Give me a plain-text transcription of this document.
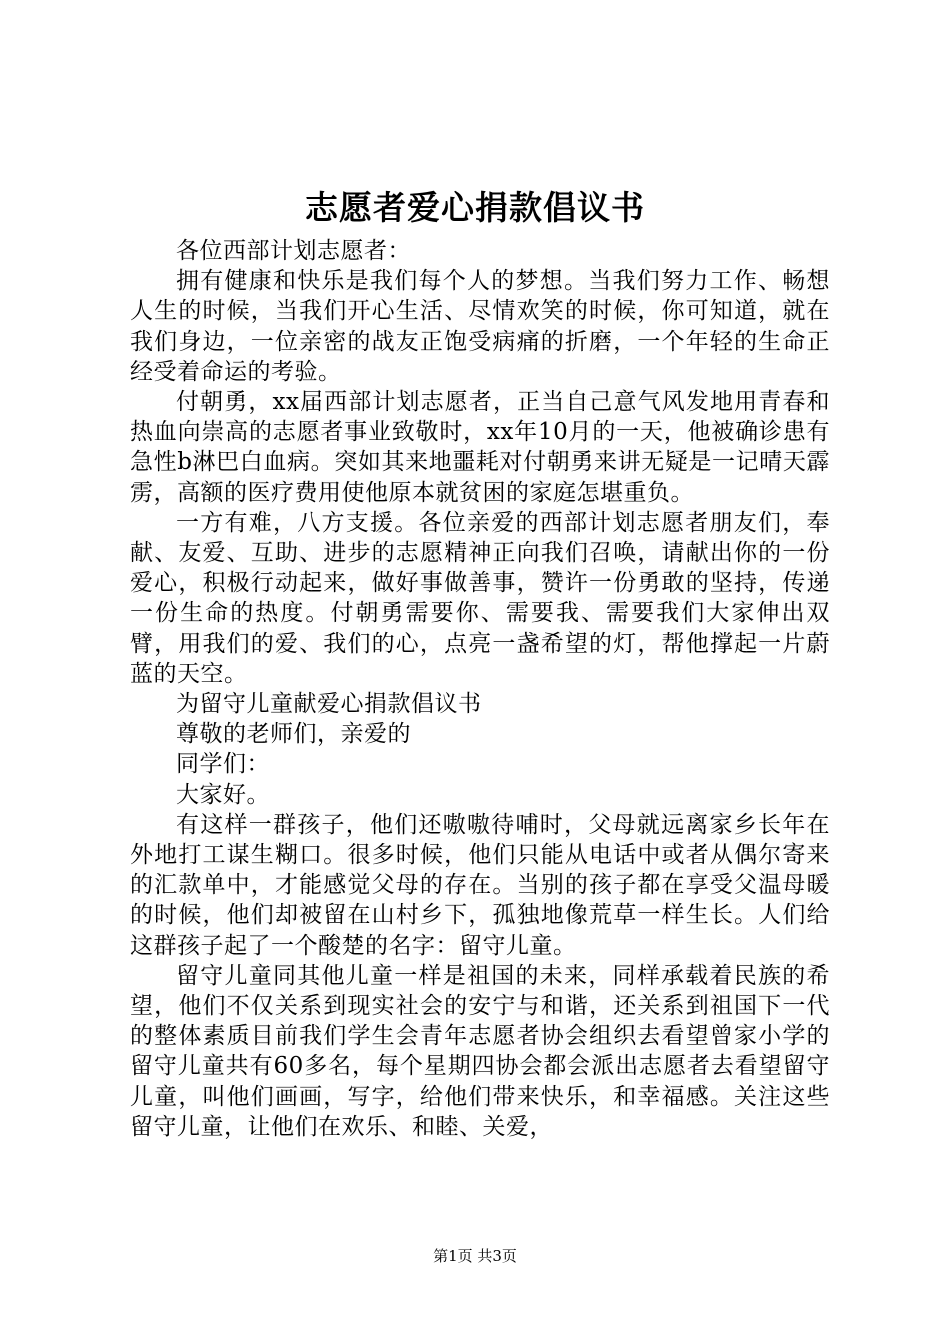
志愿者爱心捐款倡议书

各位西部计划志愿者：

拥有健康和快乐是我们每个人的梦想。当我们努力工作、畅想人生的时候，当我们开心生活、尽情欢笑的时候，你可知道，就在我们身边，一位亲密的战友正饱受病痛的折磨，一个年轻的生命正经受着命运的考验。

付朝勇，xx届西部计划志愿者，正当自己意气风发地用青春和热血向崇高的志愿者事业致敬时，xx年10月的一天，他被确诊患有急性b淋巴白血病。突如其来地噩耗对付朝勇来讲无疑是一记晴天霹雳，高额的医疗费用使他原本就贫困的家庭怎堪重负。

一方有难，八方支援。各位亲爱的西部计划志愿者朋友们，奉献、友爱、互助、进步的志愿精神正向我们召唤，请献出你的一份爱心，积极行动起来，做好事做善事，赞许一份勇敢的坚持，传递一份生命的热度。付朝勇需要你、需要我、需要我们大家伸出双臂，用我们的爱、我们的心，点亮一盏希望的灯，帮他撑起一片蔚蓝的天空。

为留守儿童献爱心捐款倡议书

尊敬的老师们，亲爱的

同学们：

大家好。

有这样一群孩子，他们还嗷嗷待哺时，父母就远离家乡长年在外地打工谋生糊口。很多时候，他们只能从电话中或者从偶尔寄来的汇款单中，才能感觉父母的存在。当别的孩子都在享受父温母暖的时候，他们却被留在山村乡下，孤独地像荒草一样生长。人们给这群孩子起了一个酸楚的名字：留守儿童。

留守儿童同其他儿童一样是祖国的未来，同样承载着民族的希望，他们不仅关系到现实社会的安宁与和谐，还关系到祖国下一代的整体素质目前我们学生会青年志愿者协会组织去看望曾家小学的留守儿童共有60多名，每个星期四协会都会派出志愿者去看望留守儿童，叫他们画画，写字，给他们带来快乐，和幸福感。关注这些留守儿童，让他们在欢乐、和睦、关爱，

第1页 共3页
